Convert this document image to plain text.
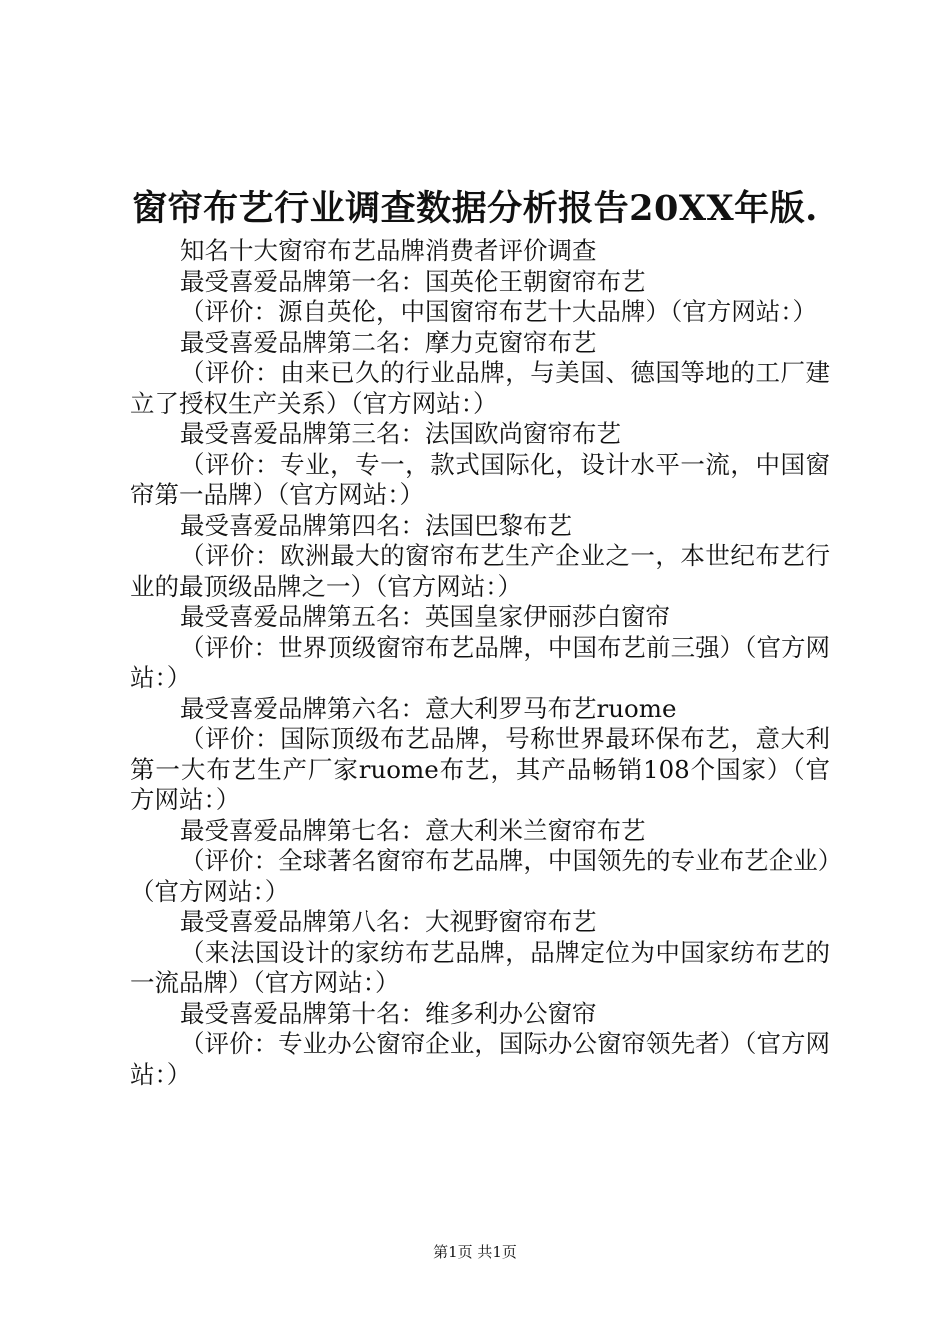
窗帘布艺行业调查数据分析报告20XX年版.

知名十大窗帘布艺品牌消费者评价调查

最受喜爱品牌第一名：国英伦王朝窗帘布艺

（评价：源自英伦，中国窗帘布艺十大品牌）（官方网站：）

最受喜爱品牌第二名：摩力克窗帘布艺

（评价：由来已久的行业品牌，与美国、德国等地的工厂建立了授权生产关系）（官方网站：）

最受喜爱品牌第三名：法国欧尚窗帘布艺

（评价：专业，专一，款式国际化，设计水平一流，中国窗帘第一品牌）（官方网站：）

最受喜爱品牌第四名：法国巴黎布艺

（评价：欧洲最大的窗帘布艺生产企业之一，本世纪布艺行业的最顶级品牌之一）（官方网站：）

最受喜爱品牌第五名：英国皇家伊丽莎白窗帘

（评价：世界顶级窗帘布艺品牌，中国布艺前三强）（官方网站：）

最受喜爱品牌第六名：意大利罗马布艺ruome

（评价：国际顶级布艺品牌，号称世界最环保布艺，意大利第一大布艺生产厂家ruome布艺，其产品畅销108个国家）（官方网站：）

最受喜爱品牌第七名：意大利米兰窗帘布艺

（评价：全球著名窗帘布艺品牌，中国领先的专业布艺企业）（官方网站：）

最受喜爱品牌第八名：大视野窗帘布艺

（来法国设计的家纺布艺品牌，品牌定位为中国家纺布艺的一流品牌）（官方网站：）

最受喜爱品牌第十名：维多利办公窗帘

（评价：专业办公窗帘企业，国际办公窗帘领先者）（官方网站：）

第1页 共1页
